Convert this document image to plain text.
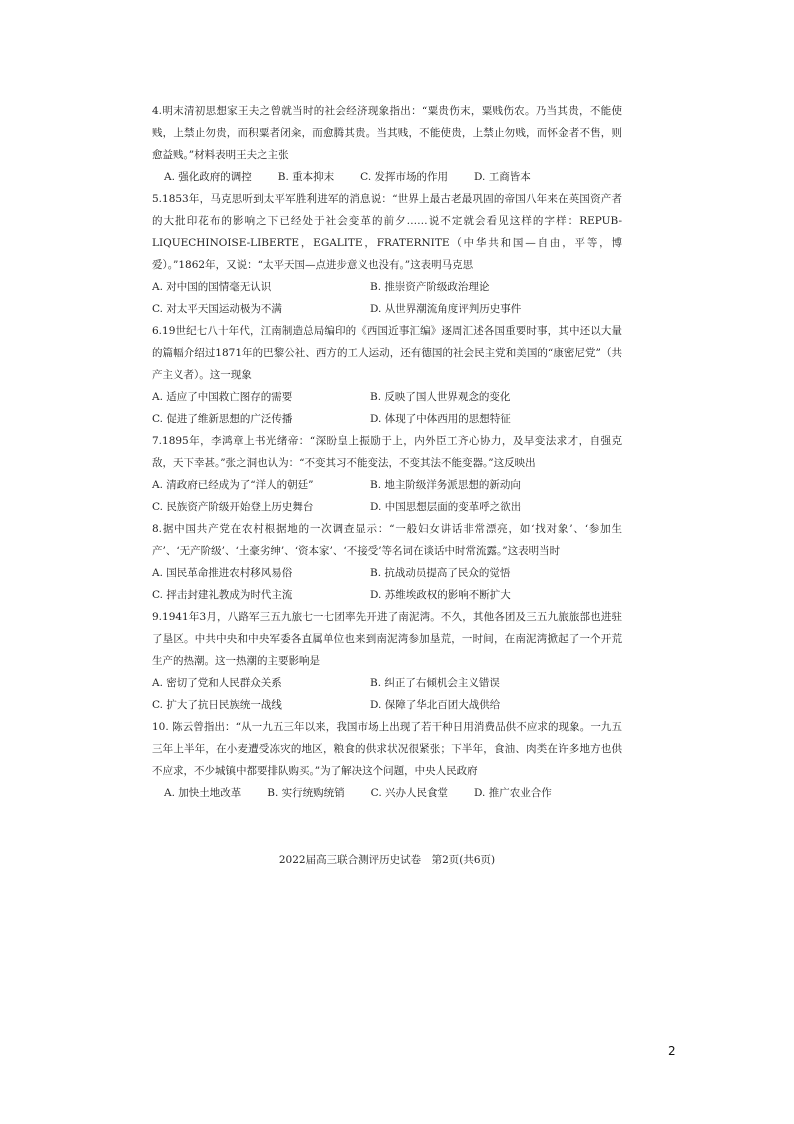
4.明末清初思想家王夫之曾就当时的社会经济现象指出：“粟贵伤末，粟贱伤农。乃当其贵，不能使贱，上禁止勿贵，而积粟者闭籴，而愈腾其贵。当其贱，不能使贵，上禁止勿贱，而怀金者不售，则愈益贱。”材料表明王夫之主张

A. 强化政府的调控 B. 重本抑末 C. 发挥市场的作用 D. 工商皆本

5.1853年，马克思听到太平军胜利进军的消息说：“世界上最古老最巩固的帝国八年来在英国资产者的大批印花布的影响之下已经处于社会变革的前夕……说不定就会看见这样的字样：REPUB-LIQUECHINOISE-LIBERTE，EGALITE，FRATERNITE（中华共和国—自由，平等，博爱）。”1862年，又说：“太平天国—点进步意义也没有。”这表明马克思

A. 对中国的国情毫无认识	B. 推崇资产阶级政治理论
C. 对太平天国运动极为不满	D. 从世界潮流角度评判历史事件

6.19世纪七八十年代，江南制造总局编印的《西国近事汇编》逐周汇述各国重要时事，其中还以大量的篇幅介绍过1871年的巴黎公社、西方的工人运动，还有德国的社会民主党和美国的“康密尼党”（共产主义者）。这一现象

A. 适应了中国救亡图存的需要	B. 反映了国人世界观念的变化
C. 促进了维新思想的广泛传播	D. 体现了中体西用的思想特征

7.1895年，李鸿章上书光绪帝：“深盼皇上振励于上，内外臣工齐心协力，及早变法求才，自强克敌，天下幸甚。”张之洞也认为：“不变其习不能变法，不变其法不能变器。”这反映出

A. 清政府已经成为了“洋人的朝廷”	B. 地主阶级洋务派思想的新动向
C. 民族资产阶级开始登上历史舞台	D. 中国思想层面的变革呼之欲出

8.据中国共产党在农村根据地的一次调查显示：“一般妇女讲话非常漂亮，如‘找对象’、‘参加生产’、‘无产阶级’、‘土豪劣绅’、‘资本家’、‘不接受’等名词在谈话中时常流露。”这表明当时

A. 国民革命推进农村移风易俗	B. 抗战动员提高了民众的觉悟
C. 抨击封建礼教成为时代主流	D. 苏维埃政权的影响不断扩大

9.1941年3月，八路军三五九旅七一七团率先开进了南泥湾。不久，其他各团及三五九旅旅部也进驻了垦区。中共中央和中央军委各直属单位也来到南泥湾参加垦荒，一时间，在南泥湾掀起了一个开荒生产的热潮。这一热潮的主要影响是

A. 密切了党和人民群众关系	B. 纠正了右倾机会主义错误
C. 扩大了抗日民族统一战线	D. 保障了华北百团大战供给

10. 陈云曾指出：“从一九五三年以来，我国市场上出现了若干种日用消费品供不应求的现象。一九五三年上半年，在小麦遭受冻灾的地区，粮食的供求状况很紧张；下半年，食油、肉类在许多地方也供不应求，不少城镇中都要排队购买。”为了解决这个问题，中央人民政府

A. 加快土地改革 B. 实行统购统销 C. 兴办人民食堂 D. 推广农业合作
2022届高三联合测评历史试卷　第2页(共6页)
2
